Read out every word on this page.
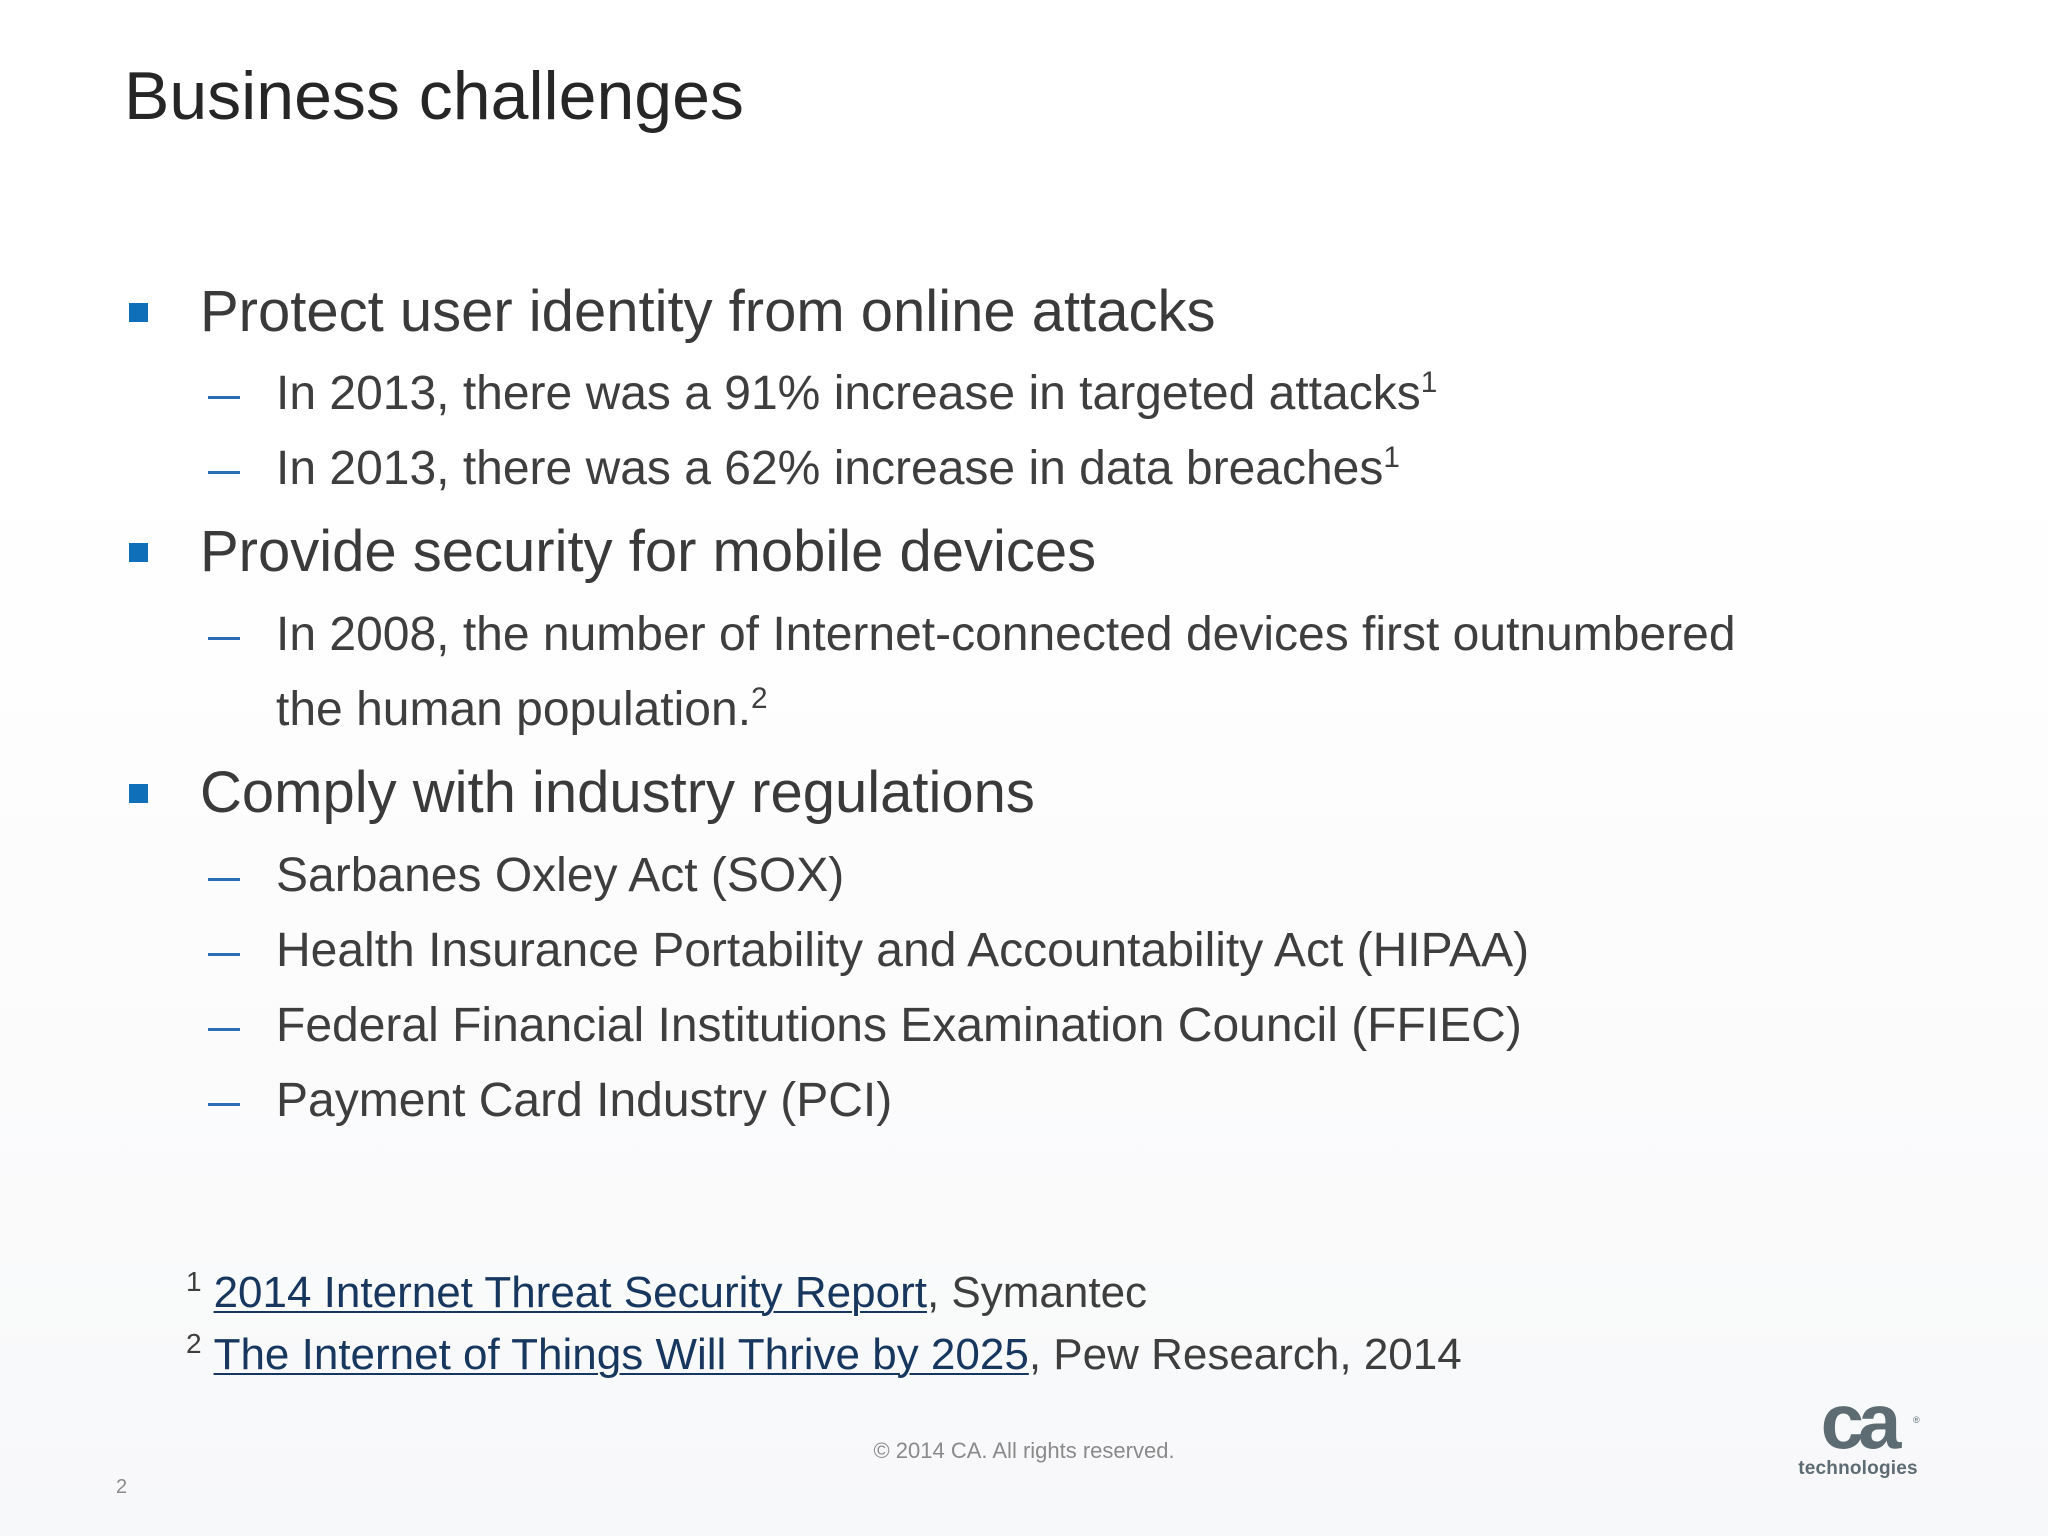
Business challenges
Protect user identity from online attacks
In 2013, there was a 91% increase in targeted attacks$^1$
In 2013, there was a 62% increase in data breaches$^1$
Provide security for mobile devices
In 2008, the number of Internet-connected devices first outnumbered
the human population.$^2$
Comply with industry regulations
Sarbanes Oxley Act (SOX)
Health Insurance Portability and Accountability Act (HIPAA)
Federal Financial Institutions Examination Council (FFIEC)
Payment Card Industry (PCI)
$^1$ 2014 Internet Threat Security Report, Symantec
$^2$ The Internet of Things Will Thrive by 2025, Pew Research, 2014
© 2014 CA. All rights reserved.
2
ca	®
technologies
